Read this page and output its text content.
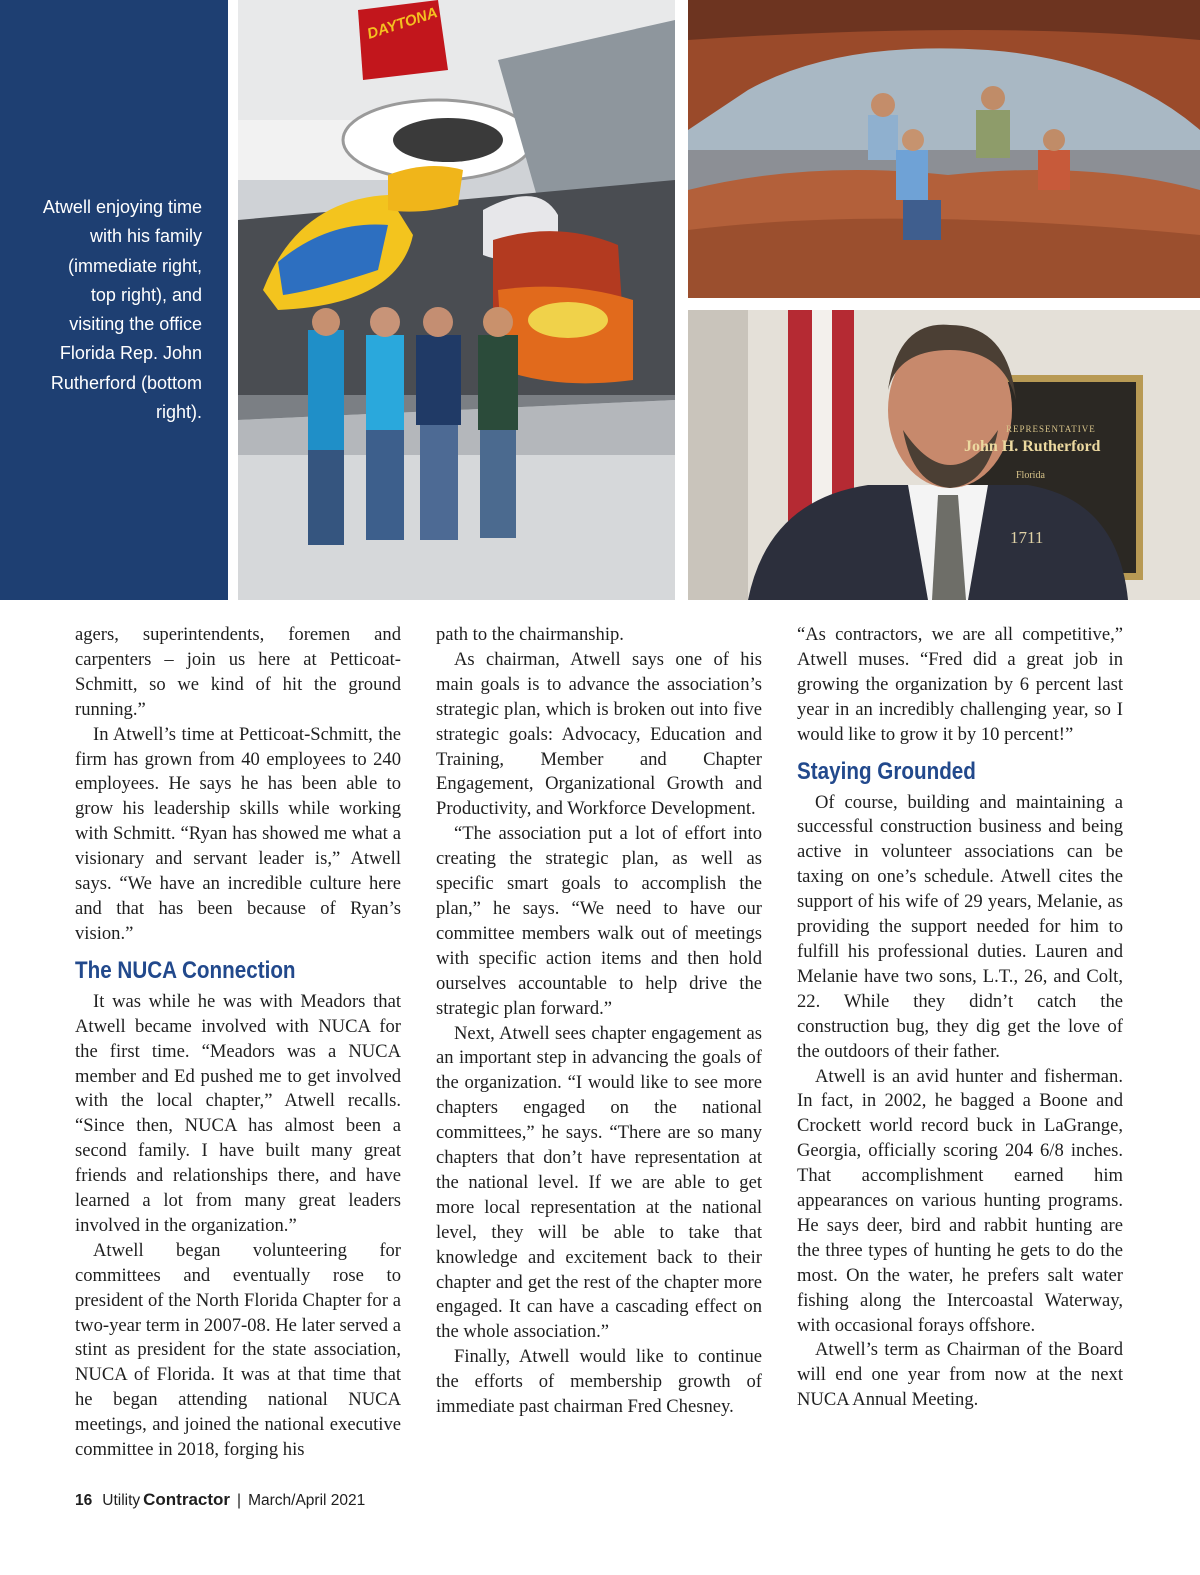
Atwell enjoying time with his family (immediate right, top right), and visiting the office Florida Rep. John Rutherford (bottom right).

DAYTONA
REPRESENTATIVE
John H. Rutherford
Florida
1711

agers, superintendents, foremen and carpenters – join us here at Petticoat-Schmitt, so we kind of hit the ground running.”

In Atwell’s time at Petticoat-Schmitt, the firm has grown from 40 employees to 240 employees. He says he has been able to grow his leadership skills while working with Schmitt. “Ryan has showed me what a visionary and servant leader is,” Atwell says. “We have an incredible culture here and that has been because of Ryan’s vision.”

The NUCA Connection

It was while he was with Meadors that Atwell became involved with NUCA for the first time. “Meadors was a NUCA member and Ed pushed me to get involved with the local chapter,” Atwell recalls. “Since then, NUCA has almost been a second family. I have built many great friends and relationships there, and have learned a lot from many great leaders involved in the organization.”

Atwell began volunteering for committees and eventually rose to president of the North Florida Chapter for a two-year term in 2007-08. He later served a stint as president for the state association, NUCA of Florida. It was at that time that he began attending national NUCA meetings, and joined the national executive committee in 2018, forging his

path to the chairmanship.

As chairman, Atwell says one of his main goals is to advance the association’s strategic plan, which is broken out into five strategic goals: Advocacy, Education and Training, Member and Chapter Engagement, Organizational Growth and Productivity, and Workforce Development.

“The association put a lot of effort into creating the strategic plan, as well as specific smart goals to accomplish the plan,” he says. “We need to have our committee members walk out of meetings with specific action items and then hold ourselves accountable to help drive the strategic plan forward.”

Next, Atwell sees chapter engagement as an important step in advancing the goals of the organization. “I would like to see more chapters engaged on the national committees,” he says. “There are so many chapters that don’t have representation at the national level. If we are able to get more local representation at the national level, they will be able to take that knowledge and excitement back to their chapter and get the rest of the chapter more engaged. It can have a cascading effect on the whole association.”

Finally, Atwell would like to continue the efforts of membership growth of immediate past chairman Fred Chesney.

“As contractors, we are all competitive,” Atwell muses. “Fred did a great job in growing the organization by 6 percent last year in an incredibly challenging year, so I would like to grow it by 10 percent!”

Staying Grounded

Of course, building and maintaining a successful construction business and being active in volunteer associations can be taxing on one’s schedule. Atwell cites the support of his wife of 29 years, Melanie, as providing the support needed for him to fulfill his professional duties. Lauren and Melanie have two sons, L.T., 26, and Colt, 22. While they didn’t catch the construction bug, they dig get the love of the outdoors of their father.

Atwell is an avid hunter and fisherman. In fact, in 2002, he bagged a Boone and Crockett world record buck in LaGrange, Georgia, officially scoring 204 6/8 inches. That accomplishment earned him appearances on various hunting programs. He says deer, bird and rabbit hunting are the three types of hunting he gets to do the most. On the water, he prefers salt water fishing along the Intercoastal Waterway, with occasional forays offshore.

Atwell’s term as Chairman of the Board will end one year from now at the next NUCA Annual Meeting.

16 Utility Contractor | March/April 2021
